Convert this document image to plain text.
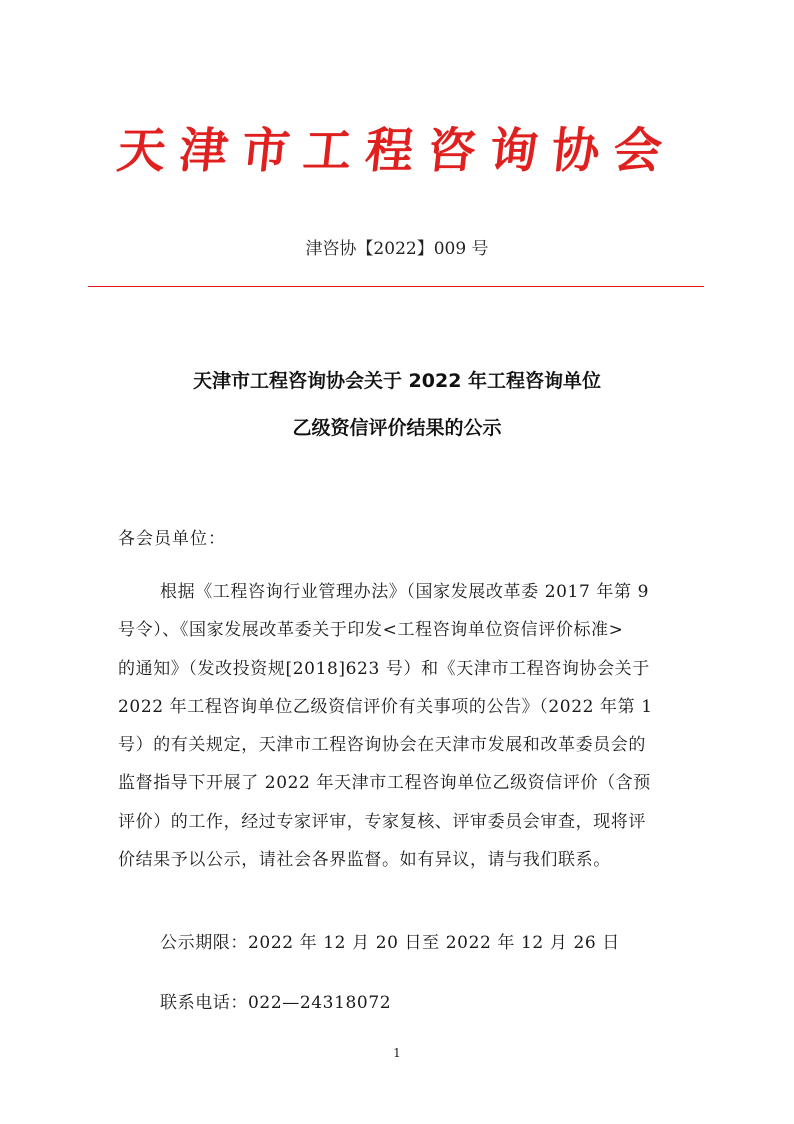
天津市工程咨询协会
津咨协【2022】009 号
天津市工程咨询协会关于 2022 年工程咨询单位
乙级资信评价结果的公示
各会员单位：
根据《工程咨询行业管理办法》（国家发展改革委 2017 年第 9
号令）、《国家发展改革委关于印发<工程咨询单位资信评价标准>
的通知》（发改投资规[2018]623 号）和《天津市工程咨询协会关于
2022 年工程咨询单位乙级资信评价有关事项的公告》（2022 年第 1
号）的有关规定，天津市工程咨询协会在天津市发展和改革委员会的
监督指导下开展了 2022 年天津市工程咨询单位乙级资信评价（含预
评价）的工作，经过专家评审，专家复核、评审委员会审查，现将评
价结果予以公示，请社会各界监督。如有异议，请与我们联系。
公示期限：2022 年 12 月 20 日至 2022 年 12 月 26 日
联系电话：022—24318072
1
